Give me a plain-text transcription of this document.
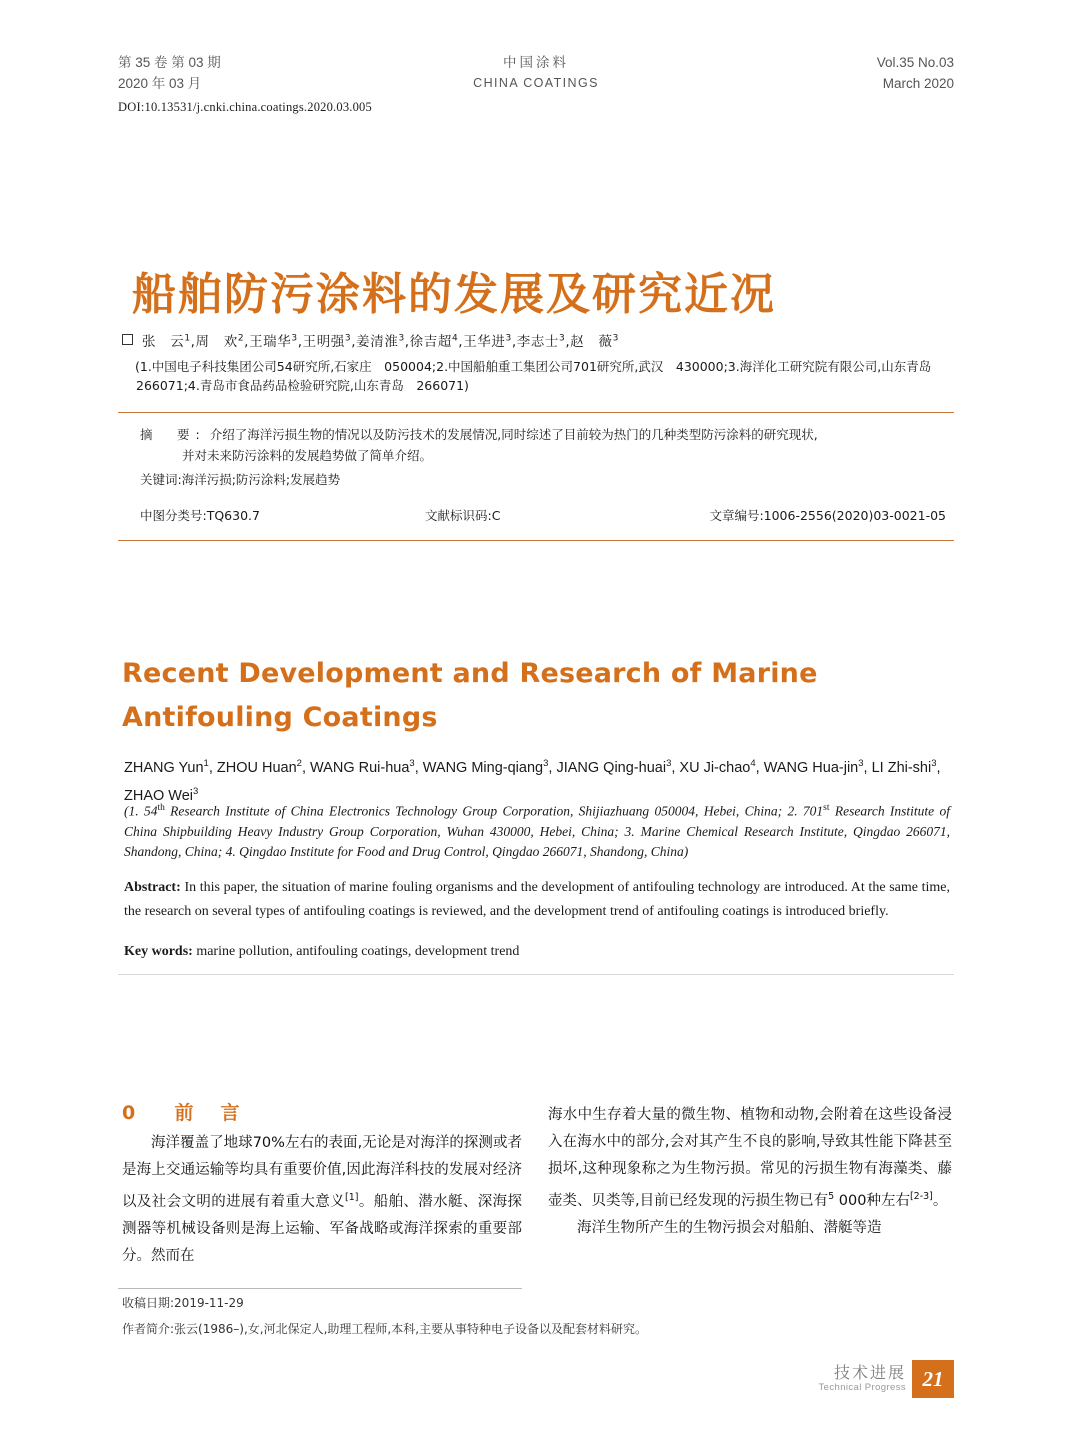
第 35 卷 第 03 期
2020 年 03 月
中国涂料
CHINA COATINGS
Vol.35 No.03
March 2020
DOI:10.13531/j.cnki.china.coatings.2020.03.005
船舶防污涂料的发展及研究近况
张　云$^1$,周　欢$^2$,王瑞华$^3$,王明强$^3$,姜清淮$^3$,徐吉超$^4$,王华进$^3$,李志士$^3$,赵　薇$^3$
(1.中国电子科技集团公司54研究所,石家庄　050004;2.中国船舶重工集团公司701研究所,武汉　430000;3.海洋化工研究院有限公司,山东青岛　266071;4.青岛市食品药品检验研究院,山东青岛　266071)
摘　要: 介绍了海洋污损生物的情况以及防污技术的发展情况,同时综述了目前较为热门的几种类型防污涂料的研究现状,
并对未来防污涂料的发展趋势做了简单介绍。
关键词:海洋污损;防污涂料;发展趋势
中图分类号:TQ630.7	文献标识码:C	文章编号:1006-2556(2020)03-0021-05
Recent Development and Research of Marine Antifouling Coatings
ZHANG Yun$^1$, ZHOU Huan$^2$, WANG Rui-hua$^3$, WANG Ming-qiang$^3$, JIANG Qing-huai$^3$, XU Ji-chao$^4$, WANG Hua-jin$^3$, LI Zhi-shi$^3$, ZHAO Wei$^3$
(1. 54th Research Institute of China Electronics Technology Group Corporation, Shijiazhuang 050004, Hebei, China; 2. 701st Research Institute of China Shipbuilding Heavy Industry Group Corporation, Wuhan 430000, Hebei, China; 3. Marine Chemical Research Institute, Qingdao 266071, Shandong, China; 4. Qingdao Institute for Food and Drug Control, Qingdao 266071, Shandong, China)
Abstract: In this paper, the situation of marine fouling organisms and the development of antifouling technology are introduced. At the same time, the research on several types of antifouling coatings is reviewed, and the development trend of antifouling coatings is introduced briefly.
Key words: marine pollution, antifouling coatings, development trend
0 前　言

海洋覆盖了地球70%左右的表面,无论是对海洋的探测或者是海上交通运输等均具有重要价值,因此海洋科技的发展对经济以及社会文明的进展有着重大意义[1]。船舶、潜水艇、深海探测器等机械设备则是海上运输、军备战略或海洋探索的重要部分。然而在

海水中生存着大量的微生物、植物和动物,会附着在这些设备浸入在海水中的部分,会对其产生不良的影响,导致其性能下降甚至损坏,这种现象称之为生物污损。常见的污损生物有海藻类、藤壶类、贝类等,目前已经发现的污损生物已有$^5$ 000种左右[2-3]。

海洋生物所产生的生物污损会对船舶、潜艇等造

收稿日期:2019-11-29
作者简介:张云(1986–),女,河北保定人,助理工程师,本科,主要从事特种电子设备以及配套材料研究。
技术进展
Technical Progress 21
